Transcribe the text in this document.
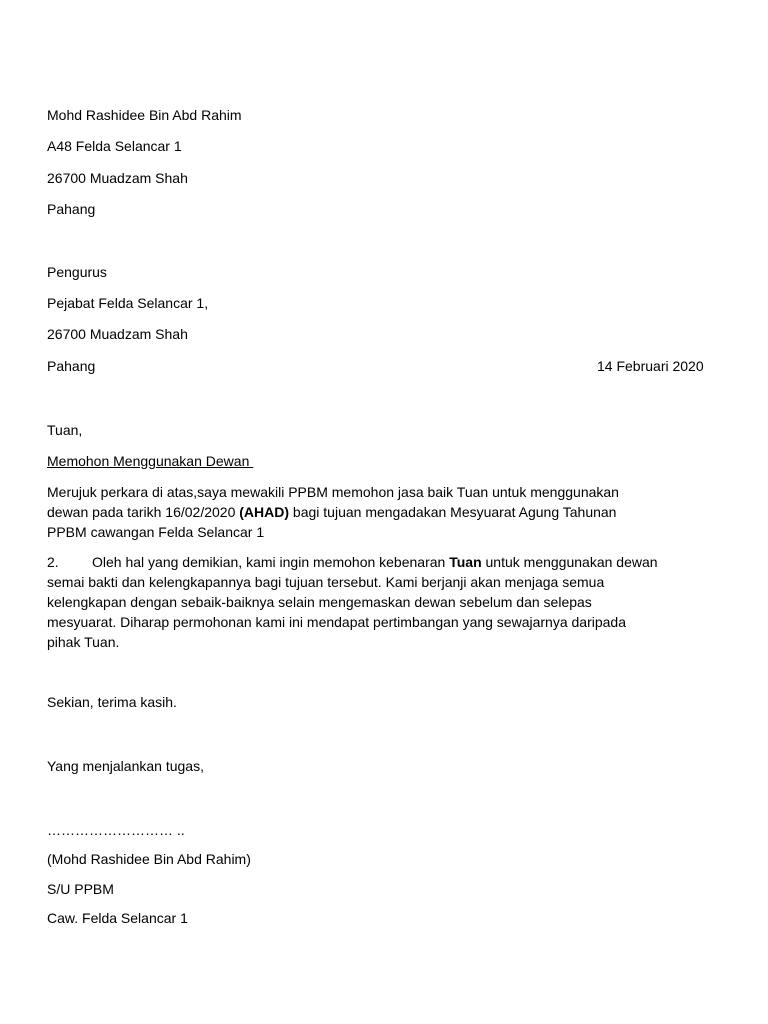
Mohd Rashidee Bin Abd Rahim
A48 Felda Selancar 1
26700 Muadzam Shah
Pahang
Pengurus
Pejabat Felda Selancar 1,
26700 Muadzam Shah
Pahang	14 Februari 2020
Tuan,
Memohon Menggunakan Dewan
Merujuk perkara di atas,saya mewakili PPBM memohon jasa baik Tuan untuk menggunakan
dewan pada tarikh 16/02/2020 (AHAD) bagi tujuan mengadakan Mesyuarat Agung Tahunan
PPBM cawangan Felda Selancar 1
2. Oleh hal yang demikian, kami ingin memohon kebenaran Tuan untuk menggunakan dewan
semai bakti dan kelengkapannya bagi tujuan tersebut. Kami berjanji akan menjaga semua
kelengkapan dengan sebaik-baiknya selain mengemaskan dewan sebelum dan selepas
mesyuarat. Diharap permohonan kami ini mendapat pertimbangan yang sewajarnya daripada
pihak Tuan.
Sekian, terima kasih.
Yang menjalankan tugas,
……………………… ..
(Mohd Rashidee Bin Abd Rahim)
S/U PPBM
Caw. Felda Selancar 1
